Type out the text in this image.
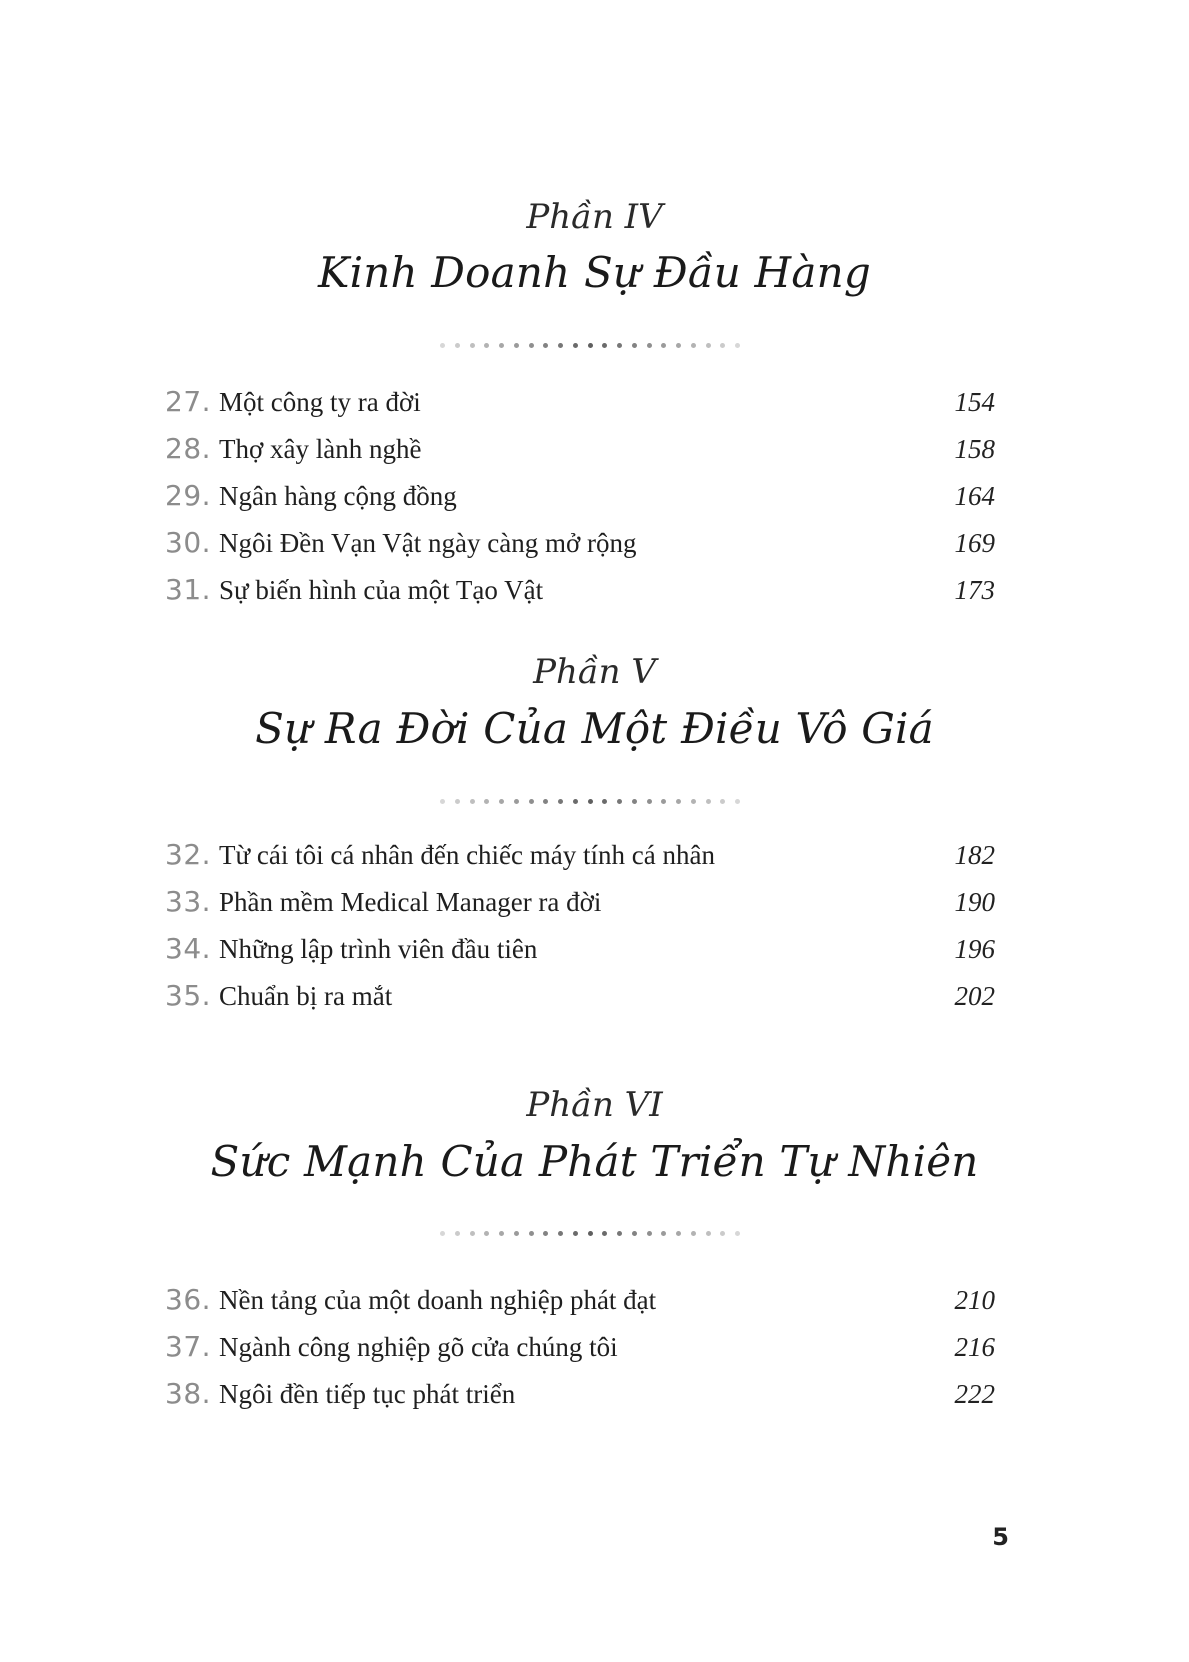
Phần IV
Kinh Doanh Sự Đầu Hàng
27. Một công ty ra đời	154
28. Thợ xây lành nghề	158
29. Ngân hàng cộng đồng	164
30. Ngôi Đền Vạn Vật ngày càng mở rộng	169
31. Sự biến hình của một Tạo Vật	173
Phần V
Sự Ra Đời Của Một Điều Vô Giá
32. Từ cái tôi cá nhân đến chiếc máy tính cá nhân	182
33. Phần mềm Medical Manager ra đời	190
34. Những lập trình viên đầu tiên	196
35. Chuẩn bị ra mắt	202
Phần VI
Sức Mạnh Của Phát Triển Tự Nhiên
36. Nền tảng của một doanh nghiệp phát đạt	210
37. Ngành công nghiệp gõ cửa chúng tôi	216
38. Ngôi đền tiếp tục phát triển	222
5
